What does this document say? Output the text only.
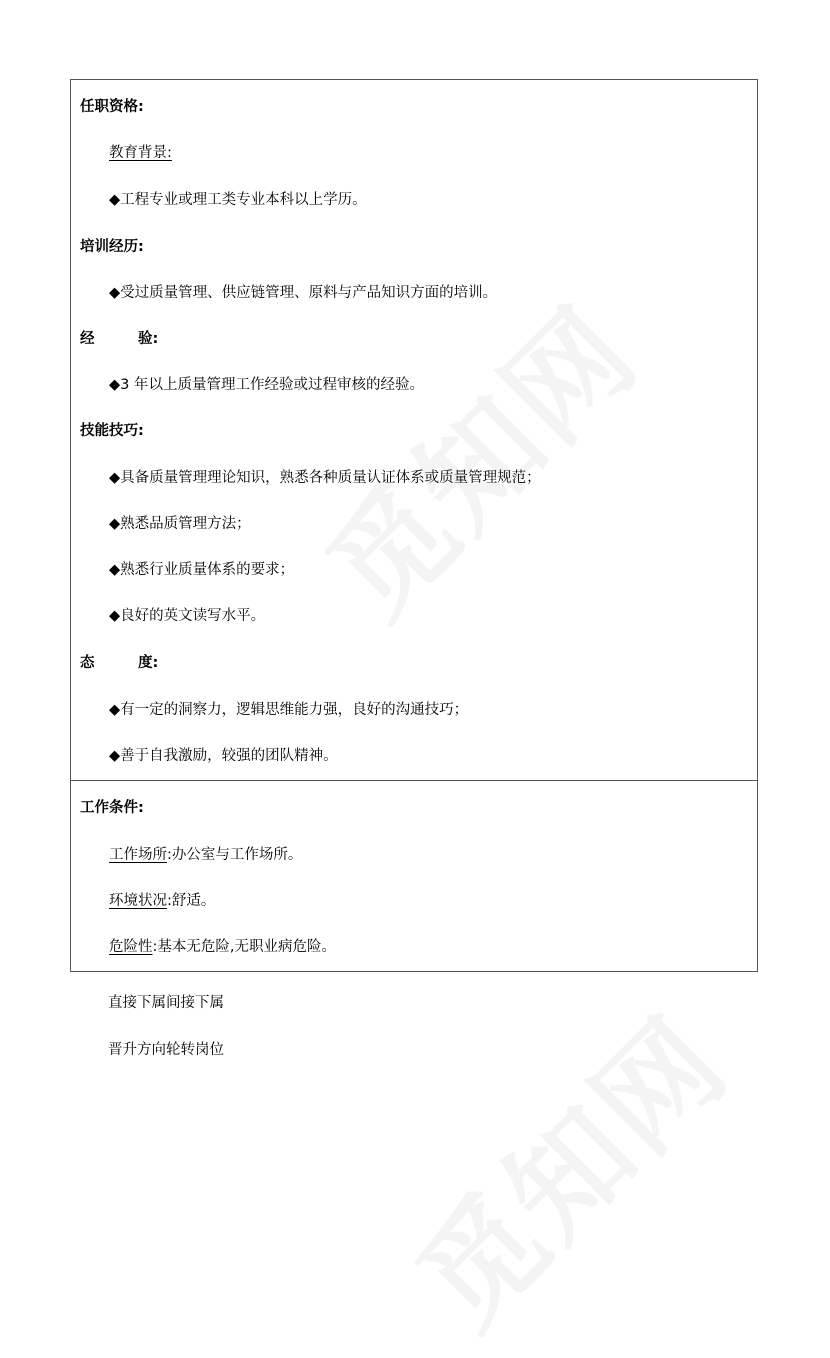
任职资格:
教育背景:
◆工程专业或理工类专业本科以上学历。
培训经历:
◆受过质量管理、供应链管理、原料与产品知识方面的培训。
经	验:
◆3 年以上质量管理工作经验或过程审核的经验。
技能技巧:
◆具备质量管理理论知识，熟悉各种质量认证体系或质量管理规范；
◆熟悉品质管理方法；
◆熟悉行业质量体系的要求；
◆良好的英文读写水平。
态	度:
◆有一定的洞察力，逻辑思维能力强，良好的沟通技巧；
◆善于自我激励，较强的团队精神。
工作条件:
工作场所:办公室与工作场所。
环境状况:舒适。
危险性:基本无危险,无职业病危险。
直接下属间接下属
晋升方向轮转岗位
